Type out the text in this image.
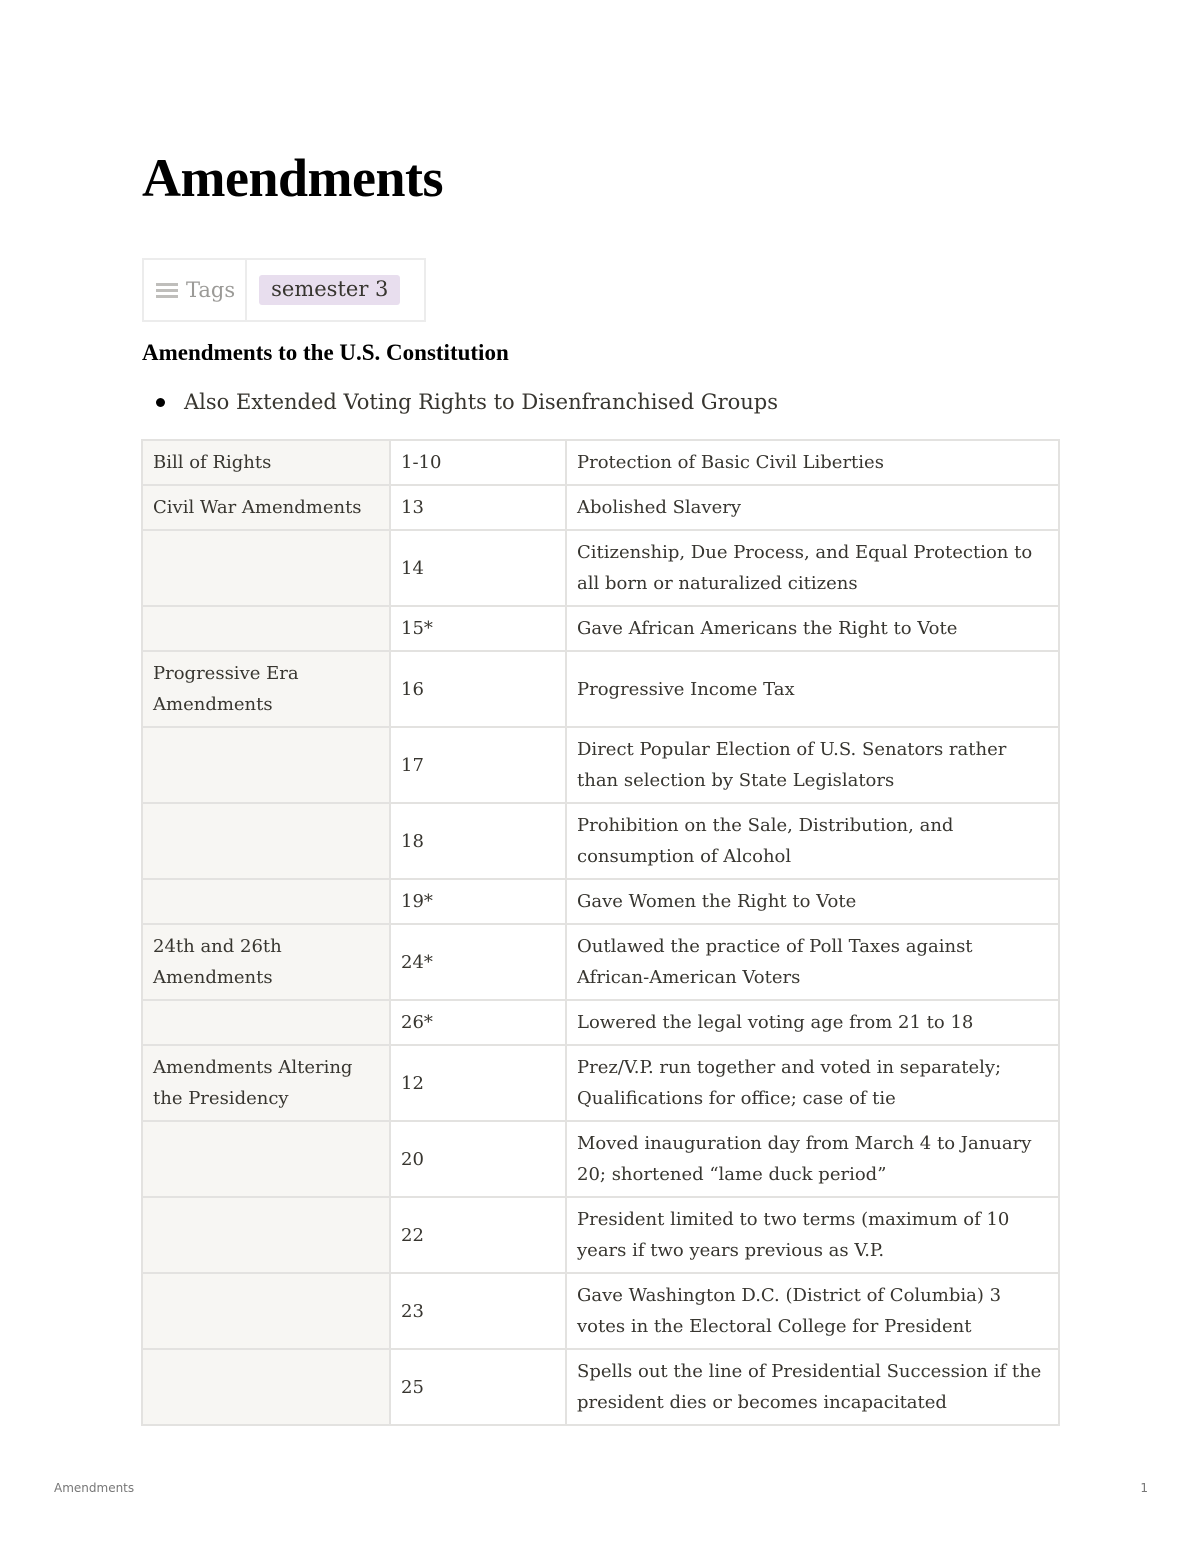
Amendments
Tags	semester 3
Amendments to the U.S. Constitution
Also Extended Voting Rights to Disenfranchised Groups
Bill of Rights	1-10	Protection of Basic Civil Liberties
Civil War Amendments	13	Abolished Slavery
	14	Citizenship, Due Process, and Equal Protection to all born or naturalized citizens
	15*	Gave African Americans the Right to Vote
Progressive Era Amendments	16	Progressive Income Tax
	17	Direct Popular Election of U.S. Senators rather than selection by State Legislators
	18	Prohibition on the Sale, Distribution, and consumption of Alcohol
	19*	Gave Women the Right to Vote
24th and 26th Amendments	24*	Outlawed the practice of Poll Taxes against African-American Voters
	26*	Lowered the legal voting age from 21 to 18
Amendments Altering the Presidency	12	Prez/V.P. run together and voted in separately; Qualifications for office; case of tie
	20	Moved inauguration day from March 4 to January 20; shortened “lame duck period”
	22	President limited to two terms (maximum of 10 years if two years previous as V.P.
	23	Gave Washington D.C. (District of Columbia) 3 votes in the Electoral College for President
	25	Spells out the line of Presidential Succession if the president dies or becomes incapacitated
Amendments	1
